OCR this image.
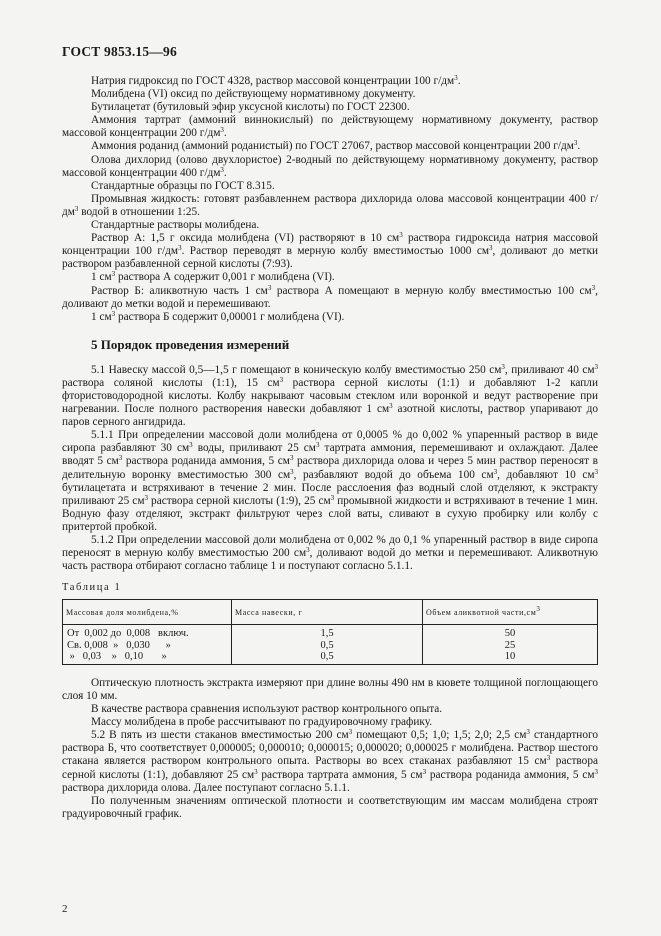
ГОСТ 9853.15—96

Натрия гидроксид по ГОСТ 4328, раствор массовой концентрации 100 $г/дм^3$.

Молибдена (VI) оксид по действующему нормативному документу.

Бутилацетат (бутиловый эфир уксусной кислоты) по ГОСТ 22300.

Аммония тартрат (аммоний виннокислый) по действующему нормативному документу, раствор массовой концентрации 200 $г/дм^3$.

Аммония роданид (аммоний роданистый) по ГОСТ 27067, раствор массовой концентрации 200 $г/дм^3$.

Олова дихлорид (олово двухлористое) 2-водный по действующему нормативному документу, раствор массовой концентрации 400 $г/дм^3$.

Стандартные образцы по ГОСТ 8.315.

Промывная жидкость: готовят разбавленнем раствора дихлорида олова массовой концентрации 400 $г/дм^3$ водой в отношении 1:25.

Стандартные растворы молибдена.

Раствор А: 1,5 г оксида молибдена (VI) растворяют в 10 $см^3$ раствора гидроксида натрия массовой концентрации 100 $г/дм^3$. Раствор переводят в мерную колбу вместимостью 1000 $см^3$, доливают до метки раствором разбавленной серной кислоты (7:93).

1 $см^3$ раствора А содержит 0,001 г молибдена (VI).

Раствор Б: аликвотную часть 1 $см^3$ раствора А помещают в мерную колбу вместимостью 100 $см^3$, доливают до метки водой и перемешивают.

1 $см^3$ раствора Б содержит 0,00001 г молибдена (VI).

5 Порядок проведения измерений

5.1 Навеску массой 0,5—1,5 г помещают в коническую колбу вместимостью 250 $см^3$, приливают 40 $см^3$ раствора соляной кислоты (1:1), 15 $см^3$ раствора серной кислоты (1:1) и добавляют 1-2 капли фтористоводородной кислоты. Колбу накрывают часовым стеклом или воронкой и ведут растворение при нагревании. После полного растворения навески добавляют 1 $см^3$ азотной кислоты, раствор упаривают до паров серного ангидрида.

5.1.1 При определении массовой доли молибдена от 0,0005 % до 0,002 % упаренный раствор в виде сиропа разбавляют 30 $см^3$ воды, приливают 25 $см^3$ тартрата аммония, перемешивают и охлаждают. Далее вводят 5 $см^3$ раствора роданида аммония, 5 $см^3$ раствора дихлорида олова и через 5 мин раствор переносят в делительную воронку вместимостью 300 $см^3$, разбавляют водой до объема 100 $см^3$, добавляют 10 $см^3$ бутилацетата и встряхивают в течение 2 мин. После расслоения фаз водный слой отделяют, к экстракту приливают 25 $см^3$ раствора серной кислоты (1:9), 25 $см^3$ промывной жидкости и встряхивают в течение 1 мин. Водную фазу отделяют, экстракт фильтруют через слой ваты, сливают в сухую пробирку или колбу с притертой пробкой.

5.1.2 При определении массовой доли молибдена от 0,002 % до 0,1 % упаренный раствор в виде сиропа переносят в мерную колбу вместимостью 200 $см^3$, доливают водой до метки и перемешивают. Аликвотную часть раствора отбирают согласно таблице 1 и поступают согласно 5.1.1.

Таблица 1

Массовая доля молибдена,%	Масса навески, г	Объем аликвотной $части,см^3$
От  0,002 до  0,008   включ.	1,5	50
Св. 0,008  »   0,030      »	0,5	25
»   0,03    »   0,10       »	0,5	10

Оптическую плотность экстракта измеряют при длине волны 490 нм в кювете толщиной поглощающего слоя 10 мм.

В качестве раствора сравнения используют раствор контрольного опыта.

Массу молибдена в пробе рассчитывают по градуировочному графику.

5.2 В пять из шести стаканов вместимостью 200 $см^3$ помещают 0,5; 1,0; 1,5; 2,0; 2,5 $см^3$ стандартного раствора Б, что соответствует 0,000005; 0,000010; 0,000015; 0,000020; 0,000025 г молибдена. Раствор шестого стакана является раствором контрольного опыта. Растворы во всех стаканах разбавляют 15 $см^3$ раствора серной кислоты (1:1), добавляют 25 $см^3$ раствора тартрата аммония, 5 $см^3$ раствора роданида аммония, 5 $см^3$ раствора дихлорида олова. Далее поступают согласно 5.1.1.

По полученным значениям оптической плотности и соответствующим им массам молибдена строят градуировочный график.

2
